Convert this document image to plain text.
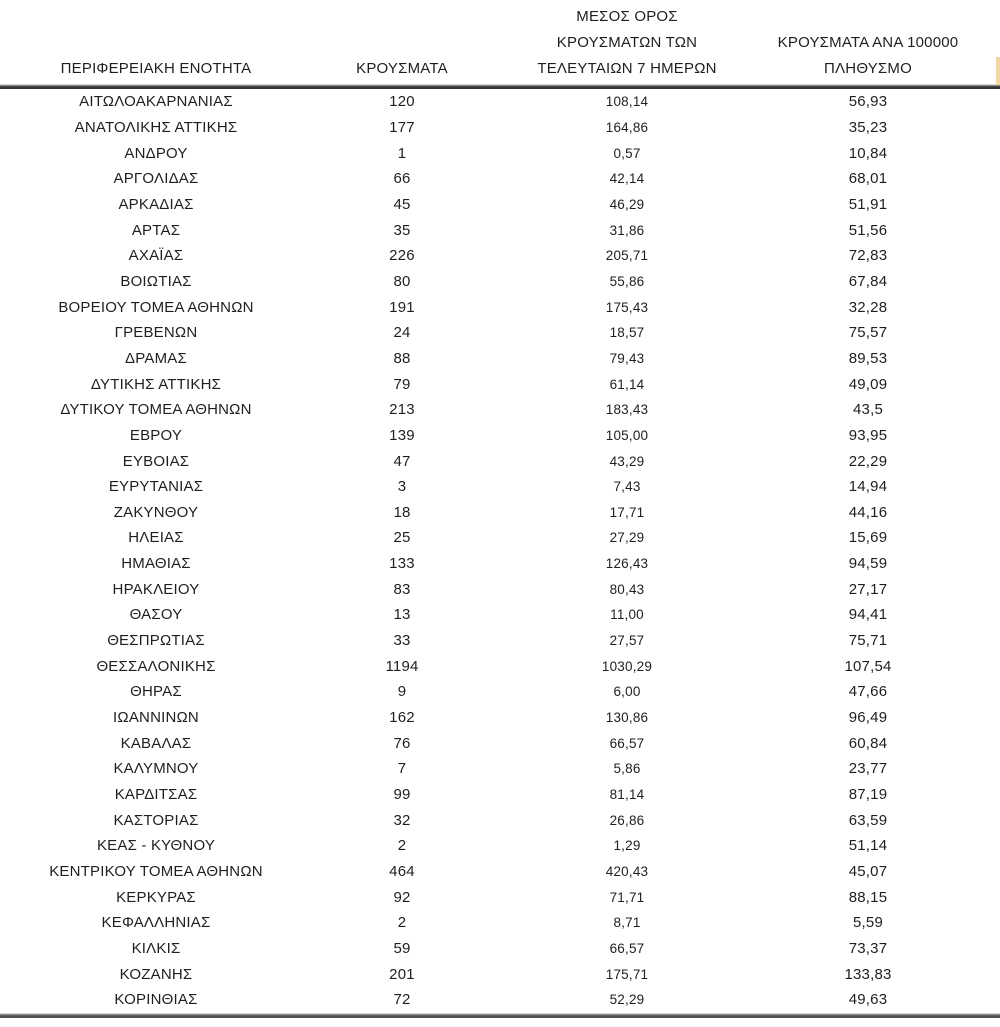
ΠΕΡΙΦΕΡΕΙΑΚΗ ΕΝΟΤΗΤΑ	ΚΡΟΥΣΜΑΤΑ
ΜΕΣΟΣ ΟΡΟΣ
ΚΡΟΥΣΜΑΤΩΝ ΤΩΝ
ΤΕΛΕΥΤΑΙΩΝ 7 ΗΜΕΡΩΝ
ΚΡΟΥΣΜΑΤΑ ΑΝΑ 100000
ΠΛΗΘΥΣΜΟ
ΑΙΤΩΛΟΑΚΑΡΝΑΝΙΑΣ	120	108,14	56,93
ΑΝΑΤΟΛΙΚΗΣ ΑΤΤΙΚΗΣ	177	164,86	35,23
ΑΝΔΡΟΥ	1	0,57	10,84
ΑΡΓΟΛΙΔΑΣ	66	42,14	68,01
ΑΡΚΑΔΙΑΣ	45	46,29	51,91
ΑΡΤΑΣ	35	31,86	51,56
ΑΧΑΪΑΣ	226	205,71	72,83
ΒΟΙΩΤΙΑΣ	80	55,86	67,84
ΒΟΡΕΙΟΥ ΤΟΜΕΑ ΑΘΗΝΩΝ	191	175,43	32,28
ΓΡΕΒΕΝΩΝ	24	18,57	75,57
ΔΡΑΜΑΣ	88	79,43	89,53
ΔΥΤΙΚΗΣ ΑΤΤΙΚΗΣ	79	61,14	49,09
ΔΥΤΙΚΟΥ ΤΟΜΕΑ ΑΘΗΝΩΝ	213	183,43	43,5
ΕΒΡΟΥ	139	105,00	93,95
ΕΥΒΟΙΑΣ	47	43,29	22,29
ΕΥΡΥΤΑΝΙΑΣ	3	7,43	14,94
ΖΑΚΥΝΘΟΥ	18	17,71	44,16
ΗΛΕΙΑΣ	25	27,29	15,69
ΗΜΑΘΙΑΣ	133	126,43	94,59
ΗΡΑΚΛΕΙΟΥ	83	80,43	27,17
ΘΑΣΟΥ	13	11,00	94,41
ΘΕΣΠΡΩΤΙΑΣ	33	27,57	75,71
ΘΕΣΣΑΛΟΝΙΚΗΣ	1194	1030,29	107,54
ΘΗΡΑΣ	9	6,00	47,66
ΙΩΑΝΝΙΝΩΝ	162	130,86	96,49
ΚΑΒΑΛΑΣ	76	66,57	60,84
ΚΑΛΥΜΝΟΥ	7	5,86	23,77
ΚΑΡΔΙΤΣΑΣ	99	81,14	87,19
ΚΑΣΤΟΡΙΑΣ	32	26,86	63,59
ΚΕΑΣ - ΚΥΘΝΟΥ	2	1,29	51,14
ΚΕΝΤΡΙΚΟΥ ΤΟΜΕΑ ΑΘΗΝΩΝ	464	420,43	45,07
ΚΕΡΚΥΡΑΣ	92	71,71	88,15
ΚΕΦΑΛΛΗΝΙΑΣ	2	8,71	5,59
ΚΙΛΚΙΣ	59	66,57	73,37
ΚΟΖΑΝΗΣ	201	175,71	133,83
ΚΟΡΙΝΘΙΑΣ	72	52,29	49,63
